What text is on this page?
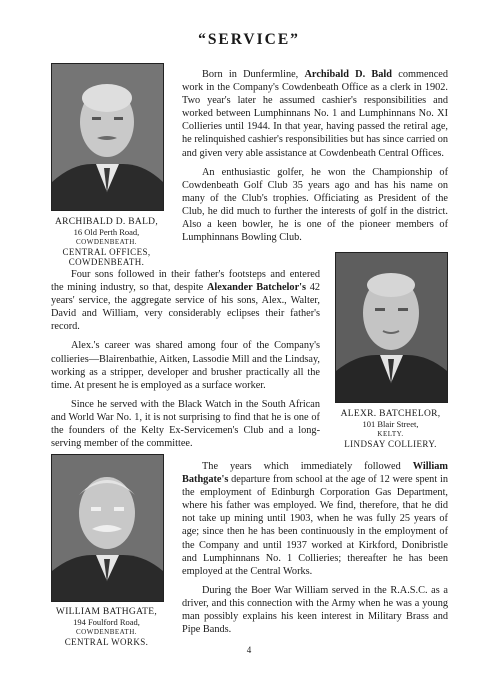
“SERVICE”
ARCHIBALD D. BALD,
16 Old Perth Road,
COWDENBEATH.
CENTRAL OFFICES,
COWDENBEATH.

Born in Dunfermline, Archibald D. Bald commenced work in the Company's Cowdenbeath Office as a clerk in 1902. Two year's later he assumed cashier's responsibilities and worked between Lumphinnans No. 1 and Lumphinnans No. XI Collieries until 1944. In that year, having passed the retiral age, he relinquished cashier's responsibilities but has since carried on and given very able assistance at Cowdenbeath Central Offices.

An enthusiastic golfer, he won the Championship of Cowdenbeath Golf Club 35 years ago and has his name on many of the Club's trophies. Officiating as President of the Club, he did much to further the interests of golf in the district. Also a keen bowler, he is one of the pioneer members of Lumphinnans Bowling Club.

Four sons followed in their father's footsteps and entered the mining industry, so that, despite Alexander Batchelor's 42 years' service, the aggregate service of his sons, Alex., Walter, David and William, very considerably eclipses their father's record.

Alex.'s career was shared among four of the Company's collieries—Blairenbathie, Aitken, Lassodie Mill and the Lindsay, working as a stripper, developer and brusher practically all the time. At present he is employed as a surface worker.

Since he served with the Black Watch in the South African and World War No. 1, it is not surprising to find that he is one of the founders of the Kelty Ex-Servicemen's Club and a long-serving member of the committee.

ALEXR. BATCHELOR,
101 Blair Street,
KELTY.
LINDSAY COLLIERY.
WILLIAM BATHGATE,
194 Foulford Road,
COWDENBEATH.
CENTRAL WORKS.

The years which immediately followed William Bathgate's departure from school at the age of 12 were spent in the employment of Edinburgh Corporation Gas Department, where his father was employed. We find, therefore, that he did not take up mining until 1903, when he was fully 25 years of age; since then he has been continuously in the employment of the Company and until 1937 worked at Kirkford, Donibristle and Lumphinnans No. 1 Collieries; thereafter he has been employed at the Central Works.

During the Boer War William served in the R.A.S.C. as a driver, and this connection with the Army when he was a young man possibly explains his keen interest in Military Brass and Pipe Bands.

4
